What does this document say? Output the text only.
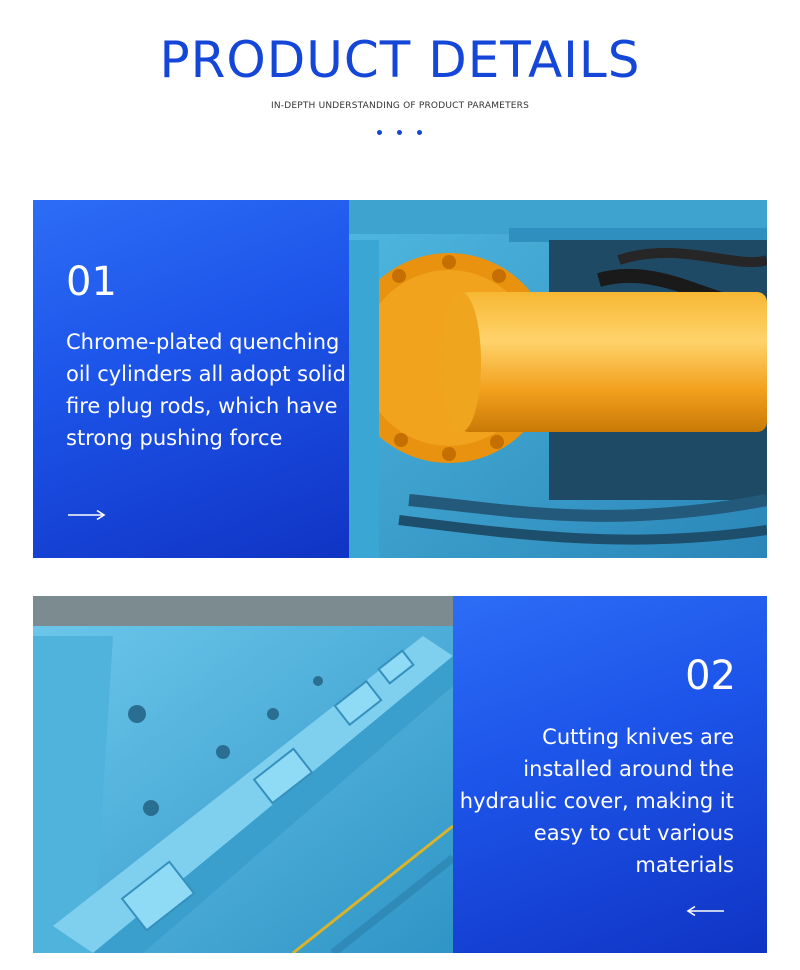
PRODUCT DETAILS
IN-DEPTH UNDERSTANDING OF PRODUCT PARAMETERS
01
Chrome-plated quenching
oil cylinders all adopt solid
fire plug rods, which have
strong pushing force
02
Cutting knives are
installed around the
hydraulic cover, making it
easy to cut various
materials
